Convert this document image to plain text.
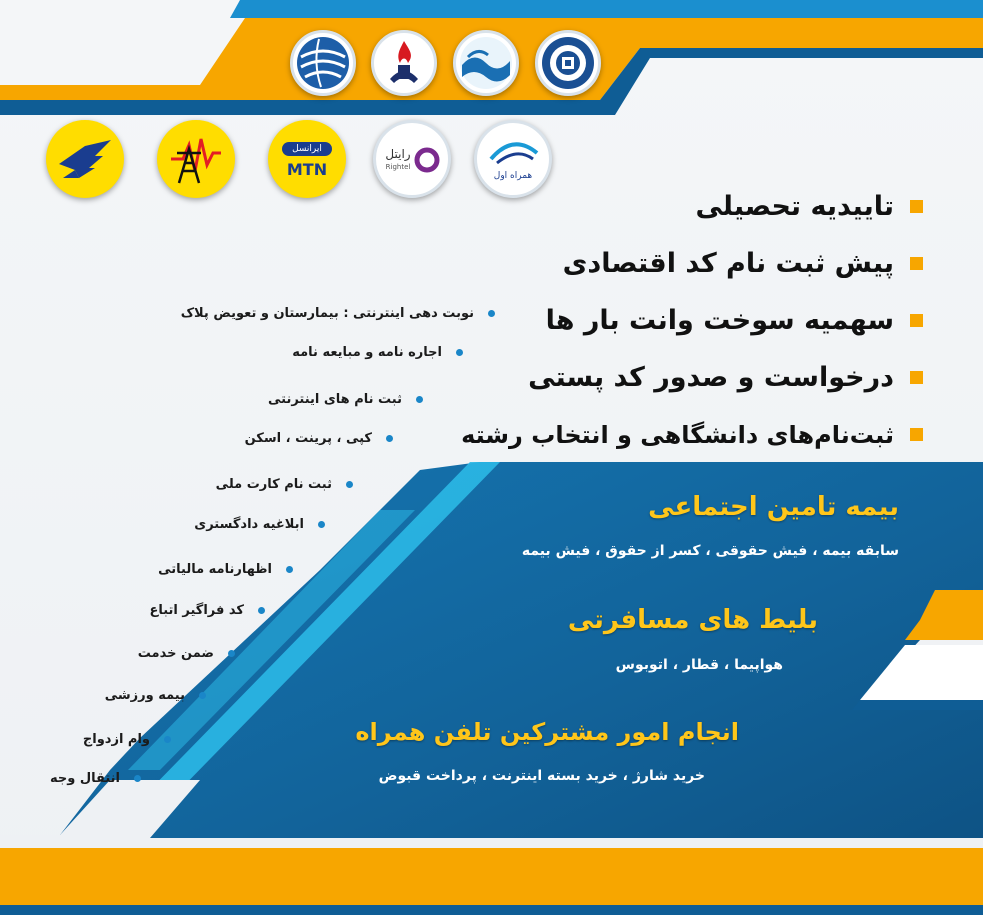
ایرانسل
MTN
رایتل
Rightel
همراه اول
تاییدیه تحصیلی
پیش ثبت نام کد اقتصادی
سهمیه سوخت وانت بار ها
درخواست و صدور کد پستی
ثبت‌نام‌های دانشگاهی و انتخاب رشته
نوبت دهی اینترنتی : بیمارستان و تعویض پلاک
اجاره نامه و مبایعه نامه
ثبت نام های اینترنتی
کپی ، پرینت ، اسکن
ثبت نام کارت ملی
ابلاغیه دادگستری
اظهارنامه مالیاتی
کد فراگیر اتباع
ضمن خدمت
بیمه ورزشی
وام ازدواج
انتقال وجه
بیمه تامین اجتماعی
سابقه بیمه ، فیش حقوقی ، کسر از حقوق ، فیش بیمه
بلیط های مسافرتی
هواپیما ، قطار ، اتوبوس
انجام امور مشترکین تلفن همراه
خرید شارژ ، خرید بسته اینترنت ، پرداخت قبوض
